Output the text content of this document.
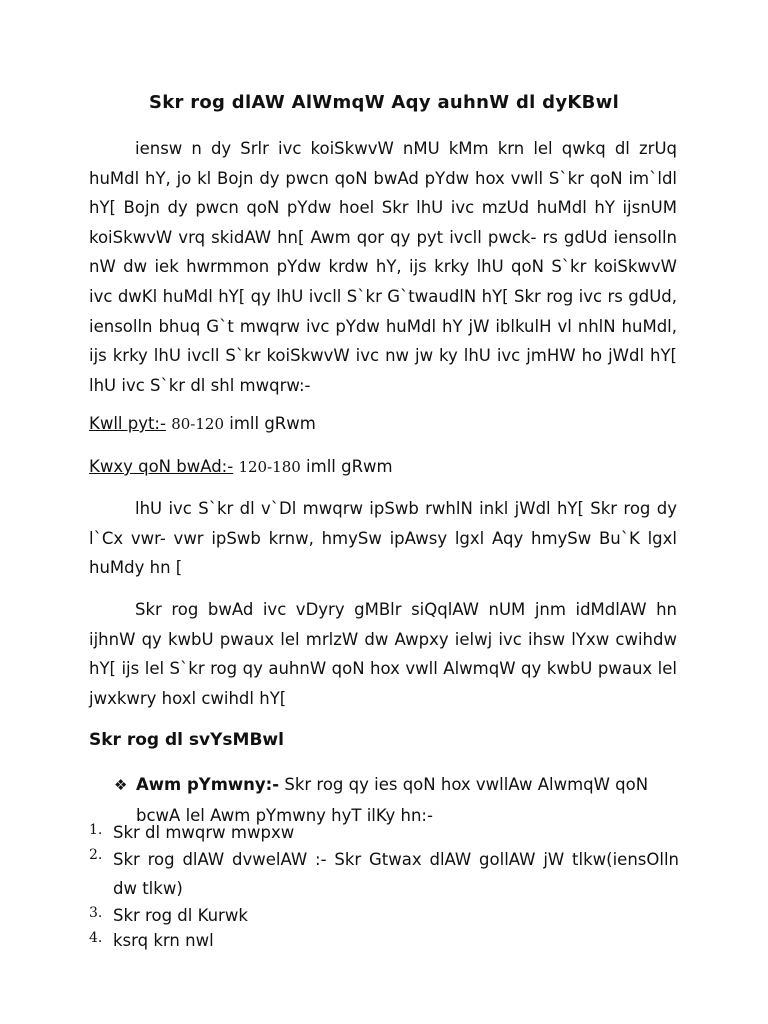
Skr rog dlAW AlWmqW Aqy auhnW dl dyKBwl
iensw n dy Srlr ivc koiSkwvW nMU kMm krn lel qwkq dl zrUq huMdl hY, jo kl Bojn dy pwcn qoN bwAd pYdw hox vwll S`kr qoN im`ldl hY[ Bojn dy pwcn qoN pYdw hoel Skr lhU ivc mzUd huMdl hY ijsnUM koiSkwvW vrq skidAW hn[ Awm qor qy pyt ivcll pwck- rs gdUd iensolln nW dw iek hwrmmon pYdw krdw hY, ijs krky lhU qoN S`kr koiSkwvW ivc dwKl huMdl hY[ qy lhU ivcll S`kr G`twaudlN hY[ Skr rog ivc rs gdUd, iensolln bhuq G`t mwqrw ivc pYdw huMdl hY jW iblkulH vl nhlN huMdl, ijs krky lhU ivcll S`kr koiSkwvW ivc nw jw ky lhU ivc jmHW ho jWdl hY[ lhU ivc S`kr dl shl mwqrw:-
Kwll pyt:- 80-120 imll gRwm
Kwxy qoN bwAd:- 120-180 imll gRwm
lhU ivc S`kr dl v`Dl mwqrw ipSwb rwhlN inkl jWdl hY[ Skr rog dy l`Cx vwr- vwr ipSwb krnw, hmySw ipAwsy lgxl Aqy hmySw Bu`K lgxl huMdy hn [
Skr rog bwAd ivc vDyry gMBlr siQqlAW nUM jnm idMdlAW hn ijhnW qy kwbU pwaux lel mrlzW dw Awpxy ielwj ivc ihsw lYxw cwihdw hY[ ijs lel S`kr rog qy auhnW qoN hox vwll AlwmqW qy kwbU pwaux lel jwxkwry hoxl cwihdl hY[
Skr rog dl svYsMBwl
❖ Awm pYmwny:- Skr rog qy ies qoN hox vwllAw AlwmqW qoN
bcwA lel Awm pYmwny hyT ilKy hn:-
1. Skr dl mwqrw mwpxw
2. Skr rog dlAW dvwelAW :- Skr Gtwax dlAW gollAW jW tlkw(iensOlln dw tlkw)
3. Skr rog dl Kurwk
4. ksrq krn nwl
